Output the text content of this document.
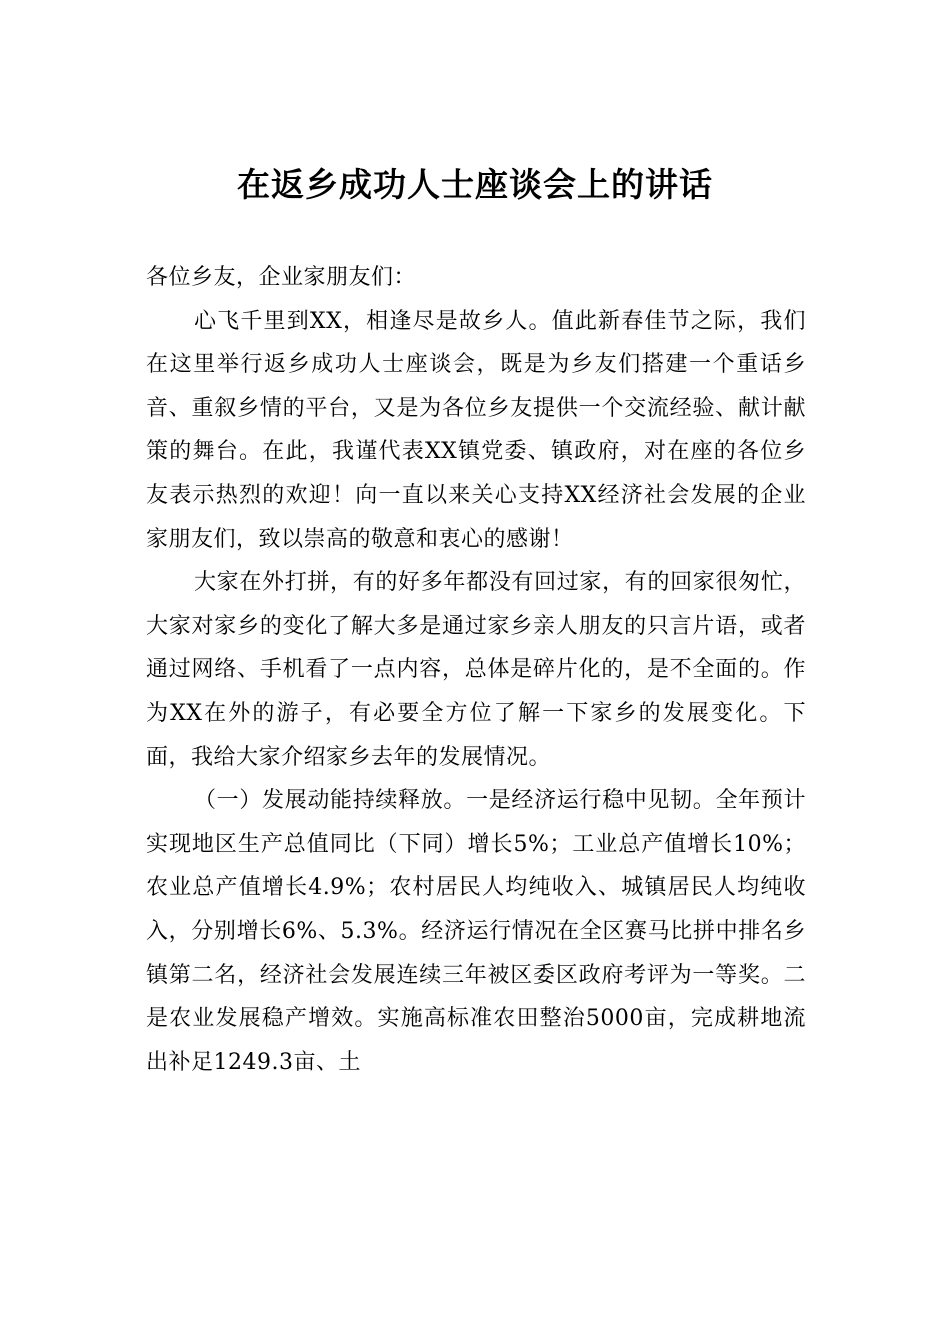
在返乡成功人士座谈会上的讲话

各位乡友，企业家朋友们：

心飞千里到XX，相逢尽是故乡人。值此新春佳节之际，我们在这里举行返乡成功人士座谈会，既是为乡友们搭建一个重话乡音、重叙乡情的平台，又是为各位乡友提供一个交流经验、献计献策的舞台。在此，我谨代表XX镇党委、镇政府，对在座的各位乡友表示热烈的欢迎！向一直以来关心支持XX经济社会发展的企业家朋友们，致以崇高的敬意和衷心的感谢！

大家在外打拼，有的好多年都没有回过家，有的回家很匆忙，大家对家乡的变化了解大多是通过家乡亲人朋友的只言片语，或者通过网络、手机看了一点内容，总体是碎片化的，是不全面的。作为XX在外的游子，有必要全方位了解一下家乡的发展变化。下面，我给大家介绍家乡去年的发展情况。

（一）发展动能持续释放。一是经济运行稳中见韧。全年预计实现地区生产总值同比（下同）增长5%；工业总产值增长10%；农业总产值增长4.9%；农村居民人均纯收入、城镇居民人均纯收入，分别增长6%、5.3%。经济运行情况在全区赛马比拼中排名乡镇第二名，经济社会发展连续三年被区委区政府考评为一等奖。二是农业发展稳产增效。实施高标准农田整治5000亩，完成耕地流出补足1249.3亩、土
